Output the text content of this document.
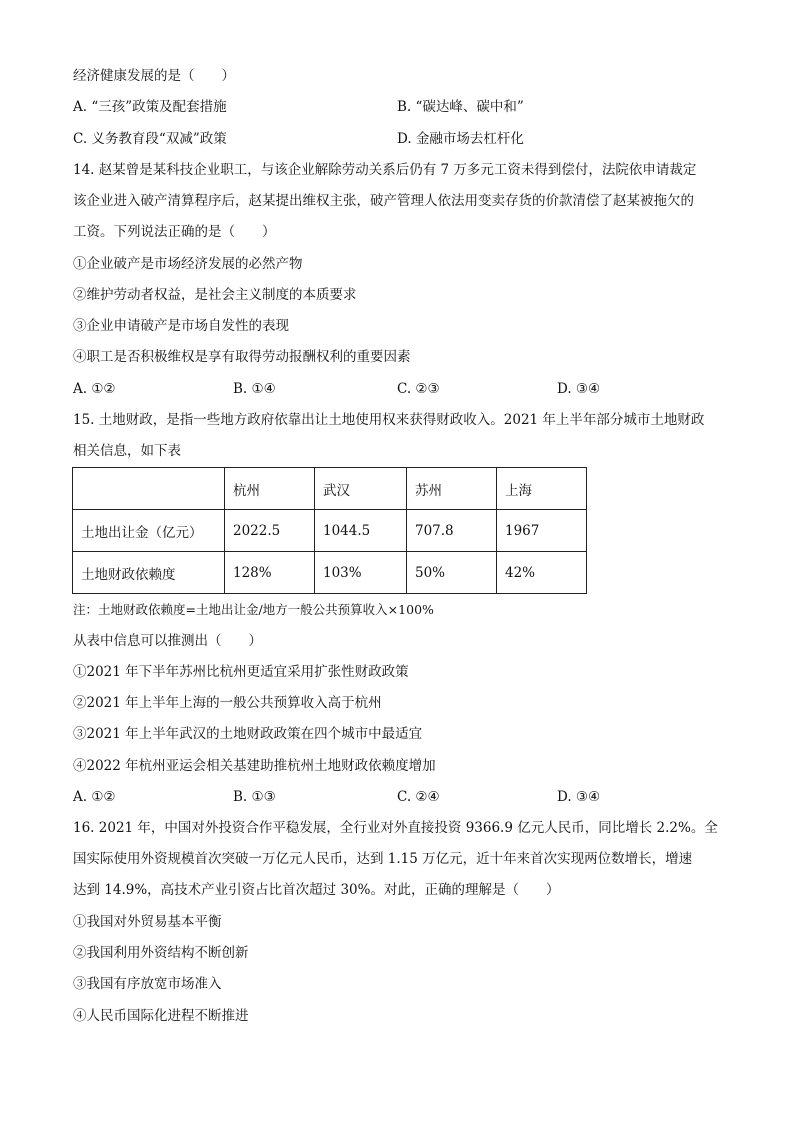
经济健康发展的是（　　）
A. “三孩”政策及配套措施	B. “碳达峰、碳中和”
C. 义务教育段“双减”政策	D. 金融市场去杠杆化
14. 赵某曾是某科技企业职工，与该企业解除劳动关系后仍有 7 万多元工资未得到偿付，法院依申请裁定
该企业进入破产清算程序后，赵某提出维权主张，破产管理人依法用变卖存货的价款清偿了赵某被拖欠的
工资。下列说法正确的是（　　）
①企业破产是市场经济发展的必然产物
②维护劳动者权益，是社会主义制度的本质要求
③企业申请破产是市场自发性的表现
④职工是否积极维权是享有取得劳动报酬权利的重要因素
A. ①②	B. ①④	C. ②③	D. ③④
15. 土地财政，是指一些地方政府依靠出让土地使用权来获得财政收入。2021 年上半年部分城市土地财政
相关信息，如下表
	杭州	武汉	苏州	上海
土地出让金（亿元）	2022.5	1044.5	707.8	1967
土地财政依赖度	128%	103%	50%	42%
注：土地财政依赖度=土地出让金/地方一般公共预算收入×100%
从表中信息可以推测出（　　）
①2021 年下半年苏州比杭州更适宜采用扩张性财政政策
②2021 年上半年上海的一般公共预算收入高于杭州
③2021 年上半年武汉的土地财政政策在四个城市中最适宜
④2022 年杭州亚运会相关基建助推杭州土地财政依赖度增加
A. ①②	B. ①③	C. ②④	D. ③④
16. 2021 年，中国对外投资合作平稳发展，全行业对外直接投资 9366.9 亿元人民币，同比增长 2.2%。全
国实际使用外资规模首次突破一万亿元人民币，达到 1.15 万亿元，近十年来首次实现两位数增长，增速
达到 14.9%，高技术产业引资占比首次超过 30%。对此，正确的理解是（　　）
①我国对外贸易基本平衡
②我国利用外资结构不断创新
③我国有序放宽市场准入
④人民币国际化进程不断推进
